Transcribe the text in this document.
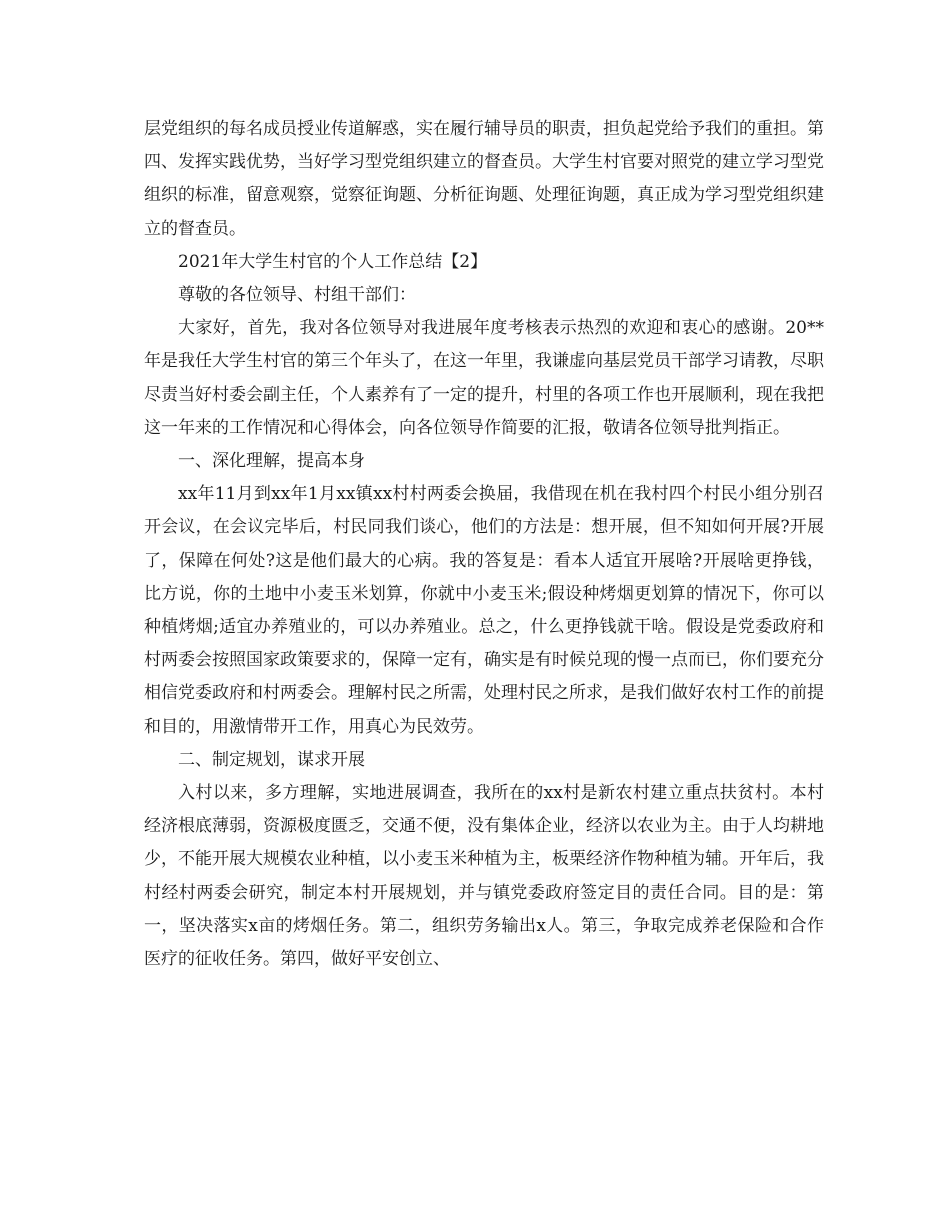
层党组织的每名成员授业传道解惑，实在履行辅导员的职责，担负起党给予我们的重担。第四、发挥实践优势，当好学习型党组织建立的督查员。大学生村官要对照党的建立学习型党组织的标准，留意观察，觉察征询题、分析征询题、处理征询题，真正成为学习型党组织建立的督查员。

2021年大学生村官的个人工作总结【2】

尊敬的各位领导、村组干部们：

大家好，首先，我对各位领导对我进展年度考核表示热烈的欢迎和衷心的感谢。20**年是我任大学生村官的第三个年头了，在这一年里，我谦虚向基层党员干部学习请教，尽职尽责当好村委会副主任，个人素养有了一定的提升，村里的各项工作也开展顺利，现在我把这一年来的工作情况和心得体会，向各位领导作简要的汇报，敬请各位领导批判指正。

一、深化理解，提高本身

xx年11月到xx年1月xx镇xx村村两委会换届，我借现在机在我村四个村民小组分别召开会议，在会议完毕后，村民同我们谈心，他们的方法是：想开展，但不知如何开展?开展了，保障在何处?这是他们最大的心病。我的答复是：看本人适宜开展啥?开展啥更挣钱，比方说，你的土地中小麦玉米划算，你就中小麦玉米;假设种烤烟更划算的情况下，你可以种植烤烟;适宜办养殖业的，可以办养殖业。总之，什么更挣钱就干啥。假设是党委政府和村两委会按照国家政策要求的，保障一定有，确实是有时候兑现的慢一点而已，你们要充分相信党委政府和村两委会。理解村民之所需，处理村民之所求，是我们做好农村工作的前提和目的，用激情带开工作，用真心为民效劳。

二、制定规划，谋求开展

入村以来，多方理解，实地进展调查，我所在的xx村是新农村建立重点扶贫村。本村经济根底薄弱，资源极度匮乏，交通不便，没有集体企业，经济以农业为主。由于人均耕地少，不能开展大规模农业种植，以小麦玉米种植为主，板栗经济作物种植为辅。开年后，我村经村两委会研究，制定本村开展规划，并与镇党委政府签定目的责任合同。目的是：第一，坚决落实x亩的烤烟任务。第二，组织劳务输出x人。第三，争取完成养老保险和合作医疗的征收任务。第四，做好平安创立、
